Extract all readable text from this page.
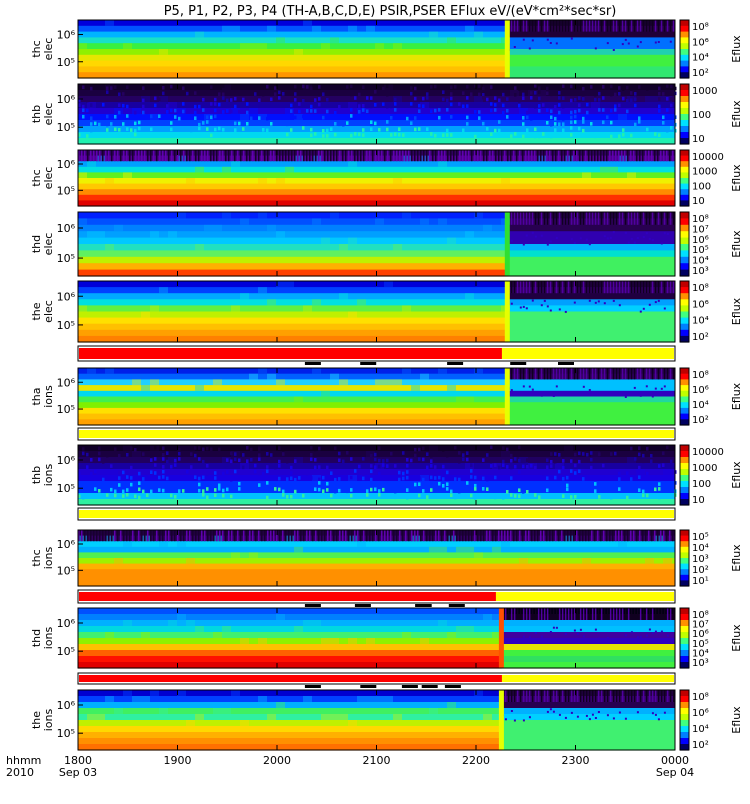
P5, P1, P2, P3, P4 (TH-A,B,C,D,E) PSIR,PSER EFlux eV/(eV*cm²*sec*sr)
10⁶
10⁵
thc elec
10⁸
10⁶
10⁴
10²
Eflux
10⁶
10⁵
thb elec
1000
100
10
Eflux
10⁶
10⁵
thc elec
10000
1000
100
10
Eflux
10⁶
10⁵
thd elec
10⁸
10⁷
10⁶
10⁵
10⁴
10³
Eflux
10⁶
10⁵
the elec
10⁸
10⁶
10⁴
10²
Eflux
10⁶
10⁵
tha ions
10⁸
10⁶
10⁴
10²
Eflux
10⁶
10⁵
thb ions
10000
1000
100
10
Eflux
10⁶
10⁵
thc ions
10⁵
10⁴
10³
10²
10¹
Eflux
10⁶
10⁵
thd ions
10⁸
10⁷
10⁶
10⁵
10⁴
10³
Eflux
10⁶
10⁵
the ions
10⁸
10⁶
10⁴
10²
Eflux
1800	1900	2000	2100	2200	2300	0000
Sep 03	Sep 04
hhmm
2010
